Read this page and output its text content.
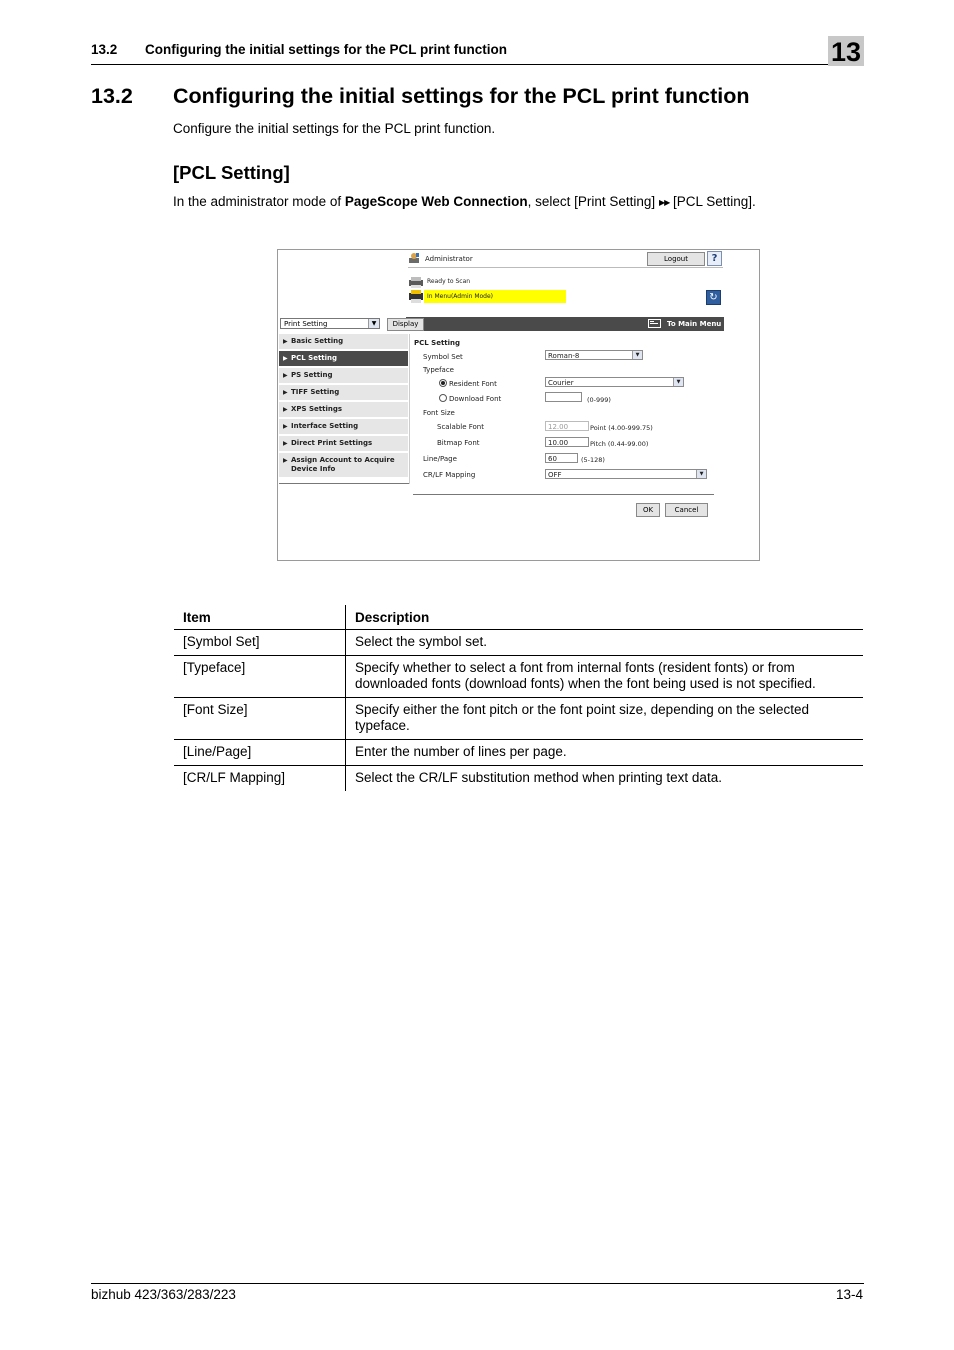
13.2 Configuring the initial settings for the PCL print function	13
13.2 Configuring the initial settings for the PCL print function
Configure the initial settings for the PCL print function.
[PCL Setting]
In the administrator mode of PageScope Web Connection, select [Print Setting] ▶▶ [PCL Setting].
Administrator	Logout	?
Ready to Scan
In Menu(Admin Mode)	↻
Print Setting	▼	Display	To Main Menu
▶ Basic Setting
▶ PCL Setting
▶ PS Setting
▶ TIFF Setting
▶ XPS Settings
▶ Interface Setting
▶ Direct Print Settings
▶ Assign Account to Acquire
Device Info
PCL Setting
Symbol Set	Roman-8	▼
Typeface
Resident Font	Courier	▼
Download Font	(0-999)
Font Size
Scalable Font	12.00	Point (4.00-999.75)
Bitmap Font	10.00	Pitch (0.44-99.00)
Line/Page	60	(5-128)
CR/LF Mapping	OFF	▼
OK	Cancel
Item	Description
[Symbol Set]	Select the symbol set.
[Typeface]	Specify whether to select a font from internal fonts (resident fonts) or from downloaded fonts (download fonts) when the font being used is not specified.
[Font Size]	Specify either the font pitch or the font point size, depending on the selected typeface.
[Line/Page]	Enter the number of lines per page.
[CR/LF Mapping]	Select the CR/LF substitution method when printing text data.
bizhub 423/363/283/223	13-4
